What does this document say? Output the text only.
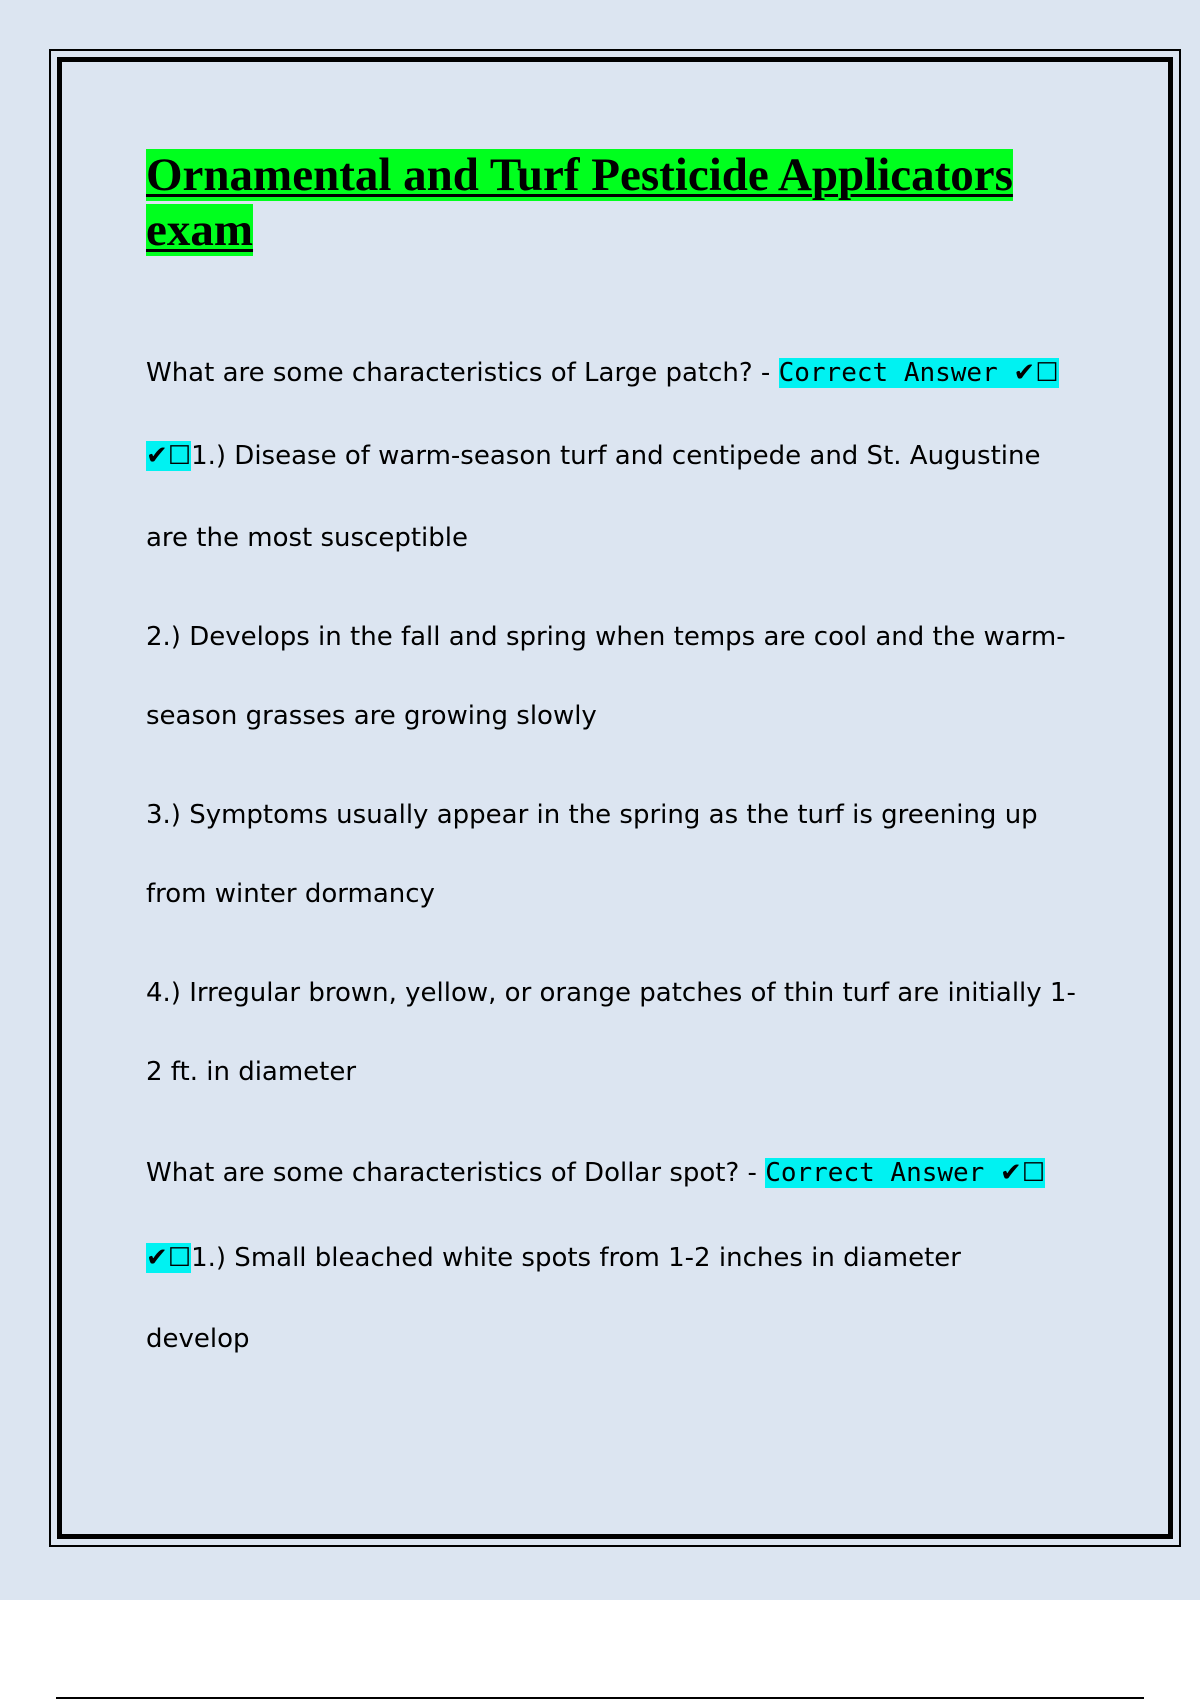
Ornamental and Turf Pesticide Applicators
exam
What are some characteristics of Large patch? - Correct Answer ✔☐
✔☐1.) Disease of warm-season turf and centipede and St. Augustine
are the most susceptible
2.) Develops in the fall and spring when temps are cool and the warm-
season grasses are growing slowly
3.) Symptoms usually appear in the spring as the turf is greening up
from winter dormancy
4.) Irregular brown, yellow, or orange patches of thin turf are initially 1-
2 ft. in diameter
What are some characteristics of Dollar spot? - Correct Answer ✔☐
✔☐1.) Small bleached white spots from 1-2 inches in diameter
develop
